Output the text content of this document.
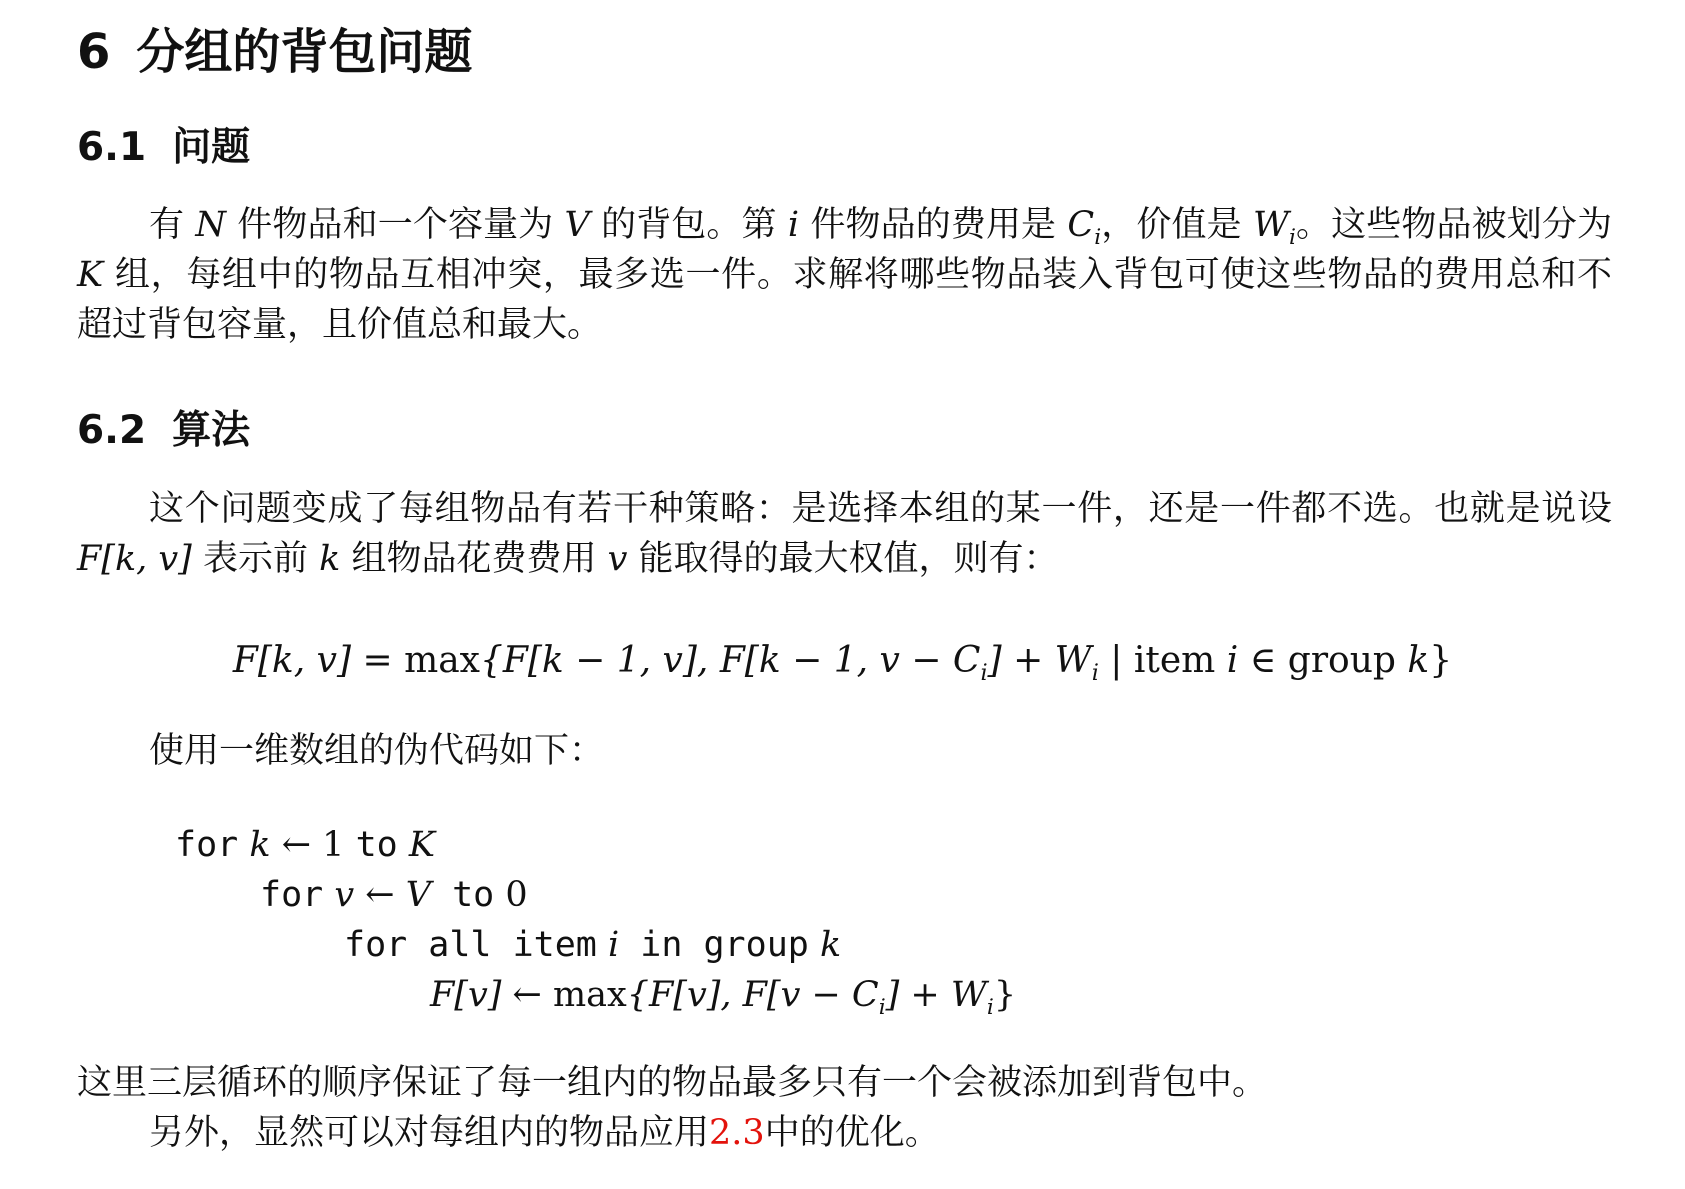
6 分组的背包问题
6.1 问题

有 N 件物品和一个容量为 V 的背包。第 i 件物品的费用是 $C_i$，价值是 $W_i$。这些物品被划分为 K 组，每组中的物品互相冲突，最多选一件。求解将哪些物品装入背包可使这些物品的费用总和不超过背包容量，且价值总和最大。

6.2 算法

这个问题变成了每组物品有若干种策略：是选择本组的某一件，还是一件都不选。也就是说设 F[k, v] 表示前 k 组物品花费费用 v 能取得的最大权值，则有：

F[k, v] = max{F[k − 1, v], F[k − 1, $v - C_i] + W_i$ | item i ∈ group k}

使用一维数组的伪代码如下：

for k ← 1 to K
for v ← V to 0
for all item i in group k
F[v] ← max{F[v], $F[v - C_i] + W_i$}

这里三层循环的顺序保证了每一组内的物品最多只有一个会被添加到背包中。

另外，显然可以对每组内的物品应用2.3中的优化。
